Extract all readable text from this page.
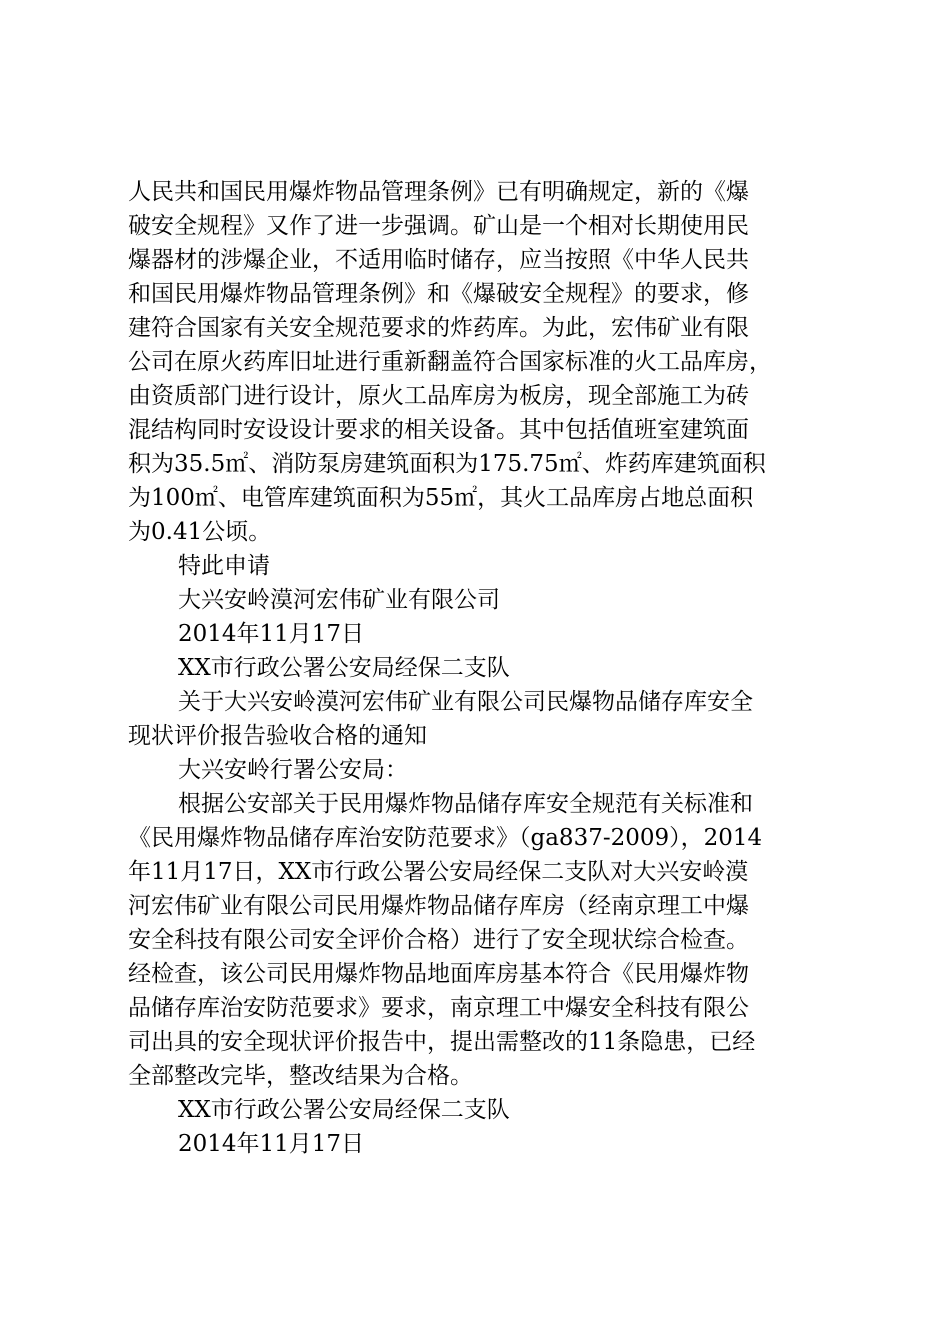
人民共和国民用爆炸物品管理条例》已有明确规定，新的《爆
破安全规程》又作了进一步强调。矿山是一个相对长期使用民
爆器材的涉爆企业，不适用临时储存，应当按照《中华人民共
和国民用爆炸物品管理条例》和《爆破安全规程》的要求，修
建符合国家有关安全规范要求的炸药库。为此，宏伟矿业有限
公司在原火药库旧址进行重新翻盖符合国家标准的火工品库房，
由资质部门进行设计，原火工品库房为板房，现全部施工为砖
混结构同时安设设计要求的相关设备。其中包括值班室建筑面
积为35.5㎡、消防泵房建筑面积为175.75㎡、炸药库建筑面积
为100㎡、电管库建筑面积为55㎡，其火工品库房占地总面积
为0.41公顷。
特此申请
大兴安岭漠河宏伟矿业有限公司
2014年11月17日
XX市行政公署公安局经保二支队
关于大兴安岭漠河宏伟矿业有限公司民爆物品储存库安全
现状评价报告验收合格的通知
大兴安岭行署公安局：
根据公安部关于民用爆炸物品储存库安全规范有关标准和
《民用爆炸物品储存库治安防范要求》（ga837-2009），2014
年11月17日，XX市行政公署公安局经保二支队对大兴安岭漠
河宏伟矿业有限公司民用爆炸物品储存库房（经南京理工中爆
安全科技有限公司安全评价合格）进行了安全现状综合检查。
经检查，该公司民用爆炸物品地面库房基本符合《民用爆炸物
品储存库治安防范要求》要求，南京理工中爆安全科技有限公
司出具的安全现状评价报告中，提出需整改的11条隐患，已经
全部整改完毕，整改结果为合格。
XX市行政公署公安局经保二支队
2014年11月17日
